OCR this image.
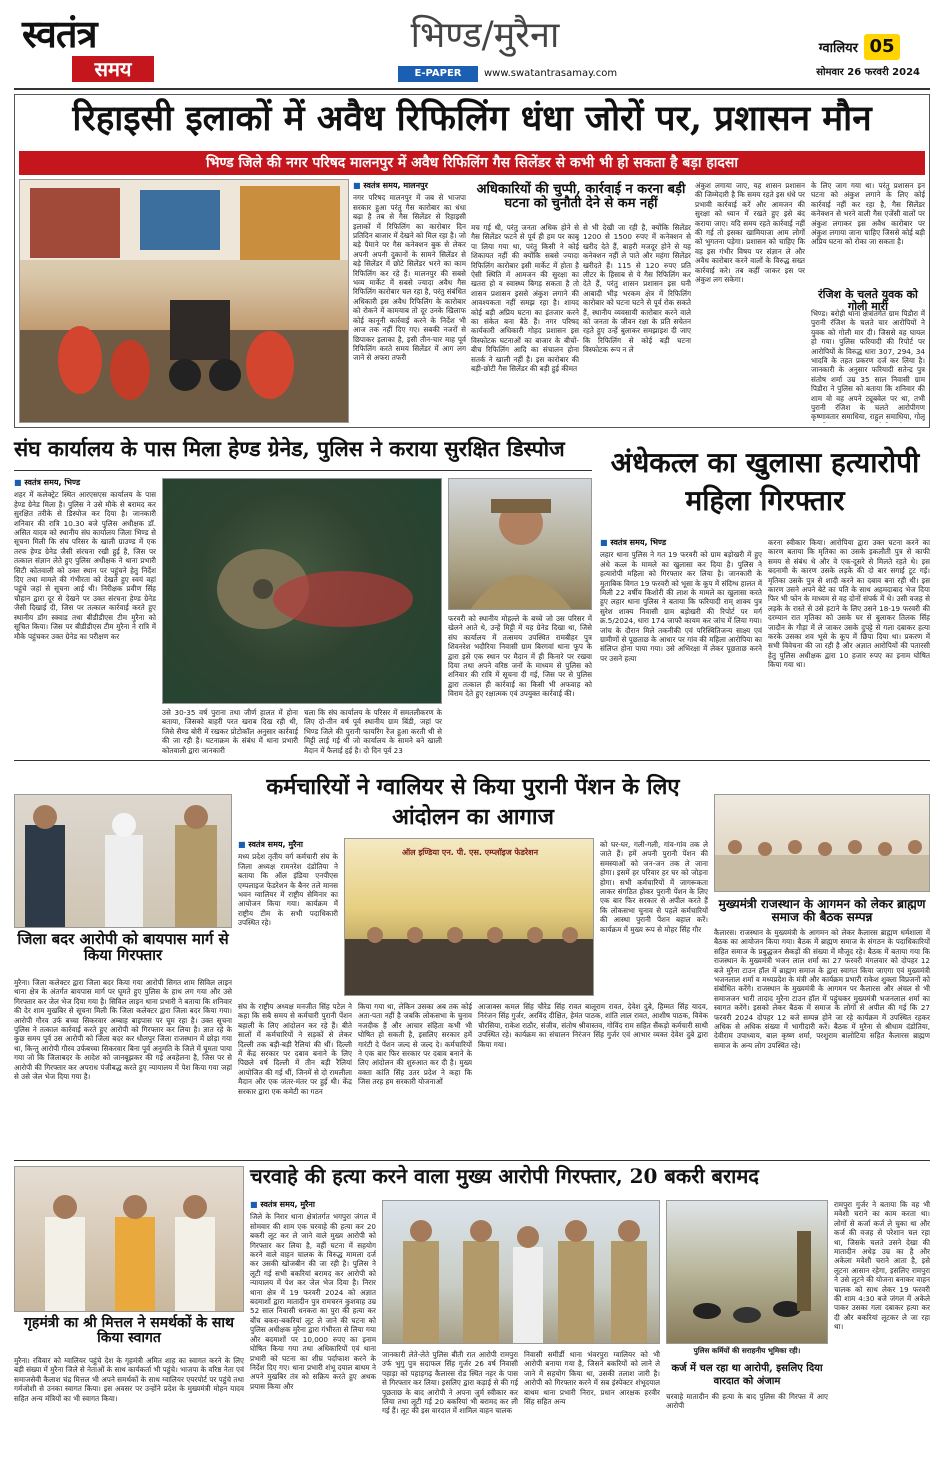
स्वतंत्र
समय
भिण्ड/मुरैना
E-PAPER	www.swatantrasamay.com
ग्वालियर 05
सोमवार 26 फरवरी 2024
रिहाइसी इलाकों में अवैध रिफिलिंग धंधा जोरों पर, प्रशासन मौन
भिण्ड जिले की नगर परिषद मालनपुर में अवैध रिफिलिंग गैस सिलेंडर से कभी भी हो सकता है बड़ा हादसा
■ स्वतंत्र समय, मालनपुर
नगर परिषद मालनपुर में जब से भाजपा सरकार हुआ परंतु गैस कारोबार का धंधा बढ़ा है तब से गैस सिलेंडर से रिहाइसी इलाकों में रिफिलिंग का कारोबार दिन प्रतिदिन बाजार में देखने को मिल रहा है। जो बड़े पैमाने पर गैस कनेक्शन बुक से लेकर अपनी अपनी दुकानों के सामने सिलेंडर से बड़े सिलेंडर में छोटे सिलेंडर भरने का काम रिफिलिंग कर रहे हैं। मालनपुर की सबसे भव्य मार्केट में सबसे ज्यादा अवैध गैस रिफिलिंग कारोबार चल रहा है, परंतु संबंधित अधिकारी इस अवैध रिफिलिंग के कारोबार को रोकने में कामयाब तो दूर उनके खिलाफ कोई कानूनी कार्रवाई करने के निर्देश भी आज तक नहीं दिए गए। सबकी नजरों से छिपाकर इलाका है, इसी तीन-चार माह पूर्व रिफिलिंग करते समय सिलेंडर में आग लग जाने से अफरा तफरी
अधिकारियों की चुप्पी, कार्रवाई न करना बड़ी घटना को चुनौती देने से कम नहीं
मच गई थी, परंतु जनता अधिक होने से गैस सिलेंडर फटने से पूर्व ही हम पर काबू पा लिया गया था, परंतु किसी ने कोई शिकायत नहीं की क्योंकि सबसे ज्यादा रिफिलिंग कारोबार इसी मार्केट में होता है ऐसी स्थिति में आमजन की सुरक्षा का खतरा हो व स्वास्थ्य बिगड़ सकता है तो शासन प्रशासन इससे अंकुश लगाने की आवश्यकता नहीं समझ रहा है। शायद कोई बड़ी अप्रिय घटना का इंतजार करने का संकेत बना बैठे हैं। नगर परिषद कार्यकारी अधिकारी गोहद प्रशासन इस विस्फोटक घटनाओं का बाजार के बीचों-बीच रिफिलिंग आदि का संचालन होना सतर्क ने खाली नहीं है। इस कारोबार की बड़ी-छोटी गैस सिलेंडर की बड़ी हुई कीमत
से भी देखी जा रही है, क्योंकि सिलेंडर 1200 से 1500 रुपए में कनेक्शन से खरीद देते हैं, बाहरी मजदूर होने से यह कनेक्शन नहीं ले पाते और महंगा सिलेंडर खरीदते हैं। 115 से 120 रुपए प्रति लीटर के हिसाब से ये गैस रिफिलिंग कर देते हैं, परंतु शासन प्रशासन इस घनी आबादी भीड़ भरकम क्षेत्र में रिफिलिंग कारोबार को घटना घटने से पूर्व रोक सकते हैं, स्थानीय व्यवसायी कारोबार करने वाले को जनता के जीवन रक्षा के प्रति सचेतन रहते हुए उन्हें बुलाकर समझाइश दी जाए कि रिफिलिंग से कोई बड़ी घटना विस्फोटक रूप न ले
अंकुश लगाया जाए, यह शासन प्रशासन की जिम्मेदारी है कि समय रहते इस धंधे पर प्रभावी कार्रवाई करें और आमजन की सुरक्षा को ध्यान में रखते हुए इसे बंद कराया जाए। यदि समय रहते कार्रवाई नहीं की गई तो इसका खामियाजा आम लोगों को भुगतना पड़ेगा। प्रशासन को चाहिए कि वह इस गंभीर विषय पर संज्ञान ले और अवैध कारोबार करने वालों के विरुद्ध सख्त कार्रवाई करे। तब कहीं जाकर इस पर अंकुश लग सकेगा।
के लिए जाग गया था। परंतु प्रशासन इन घटना को अंकुश लगाने के लिए कोई कार्रवाई नहीं कर रहा है, गैस सिलेंडर कनेक्शन से भरने वाली गैस एजेंसी वालों पर अंकुश लगाकर इस अवैध कारोबार पर अंकुश लगाया जाना चाहिए जिससे कोई बड़ी अप्रिय घटना को रोका जा सकता है।
रंजिश के चलते युवक को गोली मारी
भिण्ड। बरोही थाना क्षेत्रांतर्गत ग्राम पिडौरा में पुरानी रंजिश के चलते चार आरोपियों ने युवक को गोली मार दी। जिससे वह घायल हो गया। पुलिस फरियादी की रिपोर्ट पर आरोपियों के विरुद्ध धारा 307, 294, 34 भादवि के तहत प्रकरण दर्ज कर लिया है। जानकारी के अनुसार फरियादी सतेन्द्र पुत्र संतोष शर्मा उम्र 35 साल निवासी ग्राम पिडौरा ने पुलिस को बताया कि शनिवार की शाम वो वह अपने ट्यूबवेल पर था, तभी पुरानी रंजिश के चलते आरोपीगण कृष्णावतार समाधिया, राहुल समाधिया, गोलू
संघ कार्यालय के पास मिला हेण्ड ग्रेनेड, पुलिस ने कराया सुरक्षित डिस्पोज
■ स्वतंत्र समय, भिण्ड
शहर में कलेक्ट्रेट स्थित आरएसएस कार्यालय के पास हेण्ड ग्रेनेड मिला है। पुलिस ने उसे मौके से बरामद कर सुरक्षित तरीके से डिस्पोज कर दिया है। जानकारी शनिवार की रात्रि 10.30 बजे पुलिस अधीक्षक डॉ. असित यादव को स्थानीय संघ कार्यालय जिला भिण्ड से सूचना मिली कि संघ परिसर के खाली ग्राउण्ड में एक तरफ हेण्ड ग्रेनेड जैसी संरचना रखी हुई है, जिस पर तत्काल संज्ञान लेते हुए पुलिस अधीक्षक ने थाना प्रभारी सिटी कोतवाली को उक्त स्थान पर पहुंचने हेतु निर्देश दिए तथा मामले की गंभीरता को देखते हुए स्वयं वहां पहुंचे जहां से सूचना आई थी। निरीक्षक प्रवीण सिंह चौहान द्वारा दूर से देखने पर उक्त संरचना हेण्ड ग्रेनेड जैसी दिखाई दी, जिस पर तत्काल कार्रवाई करते हुए स्थानीय डॉग स्क्वाड तथा बीडीडीएस टीम मुरैना को सूचित किया। जिस पर बीडीडीएस टीम मुरैना ने रात्रि में मौके पहुंचकर उक्त ग्रेनेड का परीक्षण कर
उसे 30-35 वर्ष पुराना तथा जीर्ण हालत में होना बताया, जिसको बाहरी परत खराब दिख रही थी, जिसे सैण्ड बोरी में रखकर प्रोटोकॉल अनुसार कार्रवाई की जा रही है। घटनाक्रम के संबंध में थाना प्रभारी कोतवाली द्वारा जानकारी
चला कि संघ कार्यालय के परिसर में समतलीकरण के लिए दो-तीन वर्ष पूर्व स्थानीय ग्राम बिंडी, जहां पर भिण्ड जिले की पुरानी फायरिंग रेंज हुआ करती थी से मिट्टी लाई गई थी जो कार्यालय के सामने बने खाली मैदान में फैलाई हुई है। दो दिन पूर्व 23
फरवरी को स्थानीय मोहल्ले के बच्चे जो उस परिसर में खेलने आते थे, उन्हें मिट्टी में यह ग्रेनेड दिखा था, जिसे संघ कार्यालय में तत्समय उपस्थित रामबीहर पुत्र शिवनरेश भदौरिया निवासी ग्राम बिरगवां थाना फूप के द्वारा इसे एक स्थान पर मैदान में ही किनारे पर रखवा दिया तथा अपने वरिष्ठ जनों के माध्यम से पुलिस को शनिवार की रात्रि में सूचना दी गई, जिस पर से पुलिस द्वारा तत्काल ही कार्रवाई का किसी भी अफवाह को विराम देते हुए रक्षात्मक एवं उपयुक्त कार्रवाई की।
अंधेकत्ल का खुलासा हत्यारोपी महिला गिरफ्तार
■ स्वतंत्र समय, भिण्ड
लहार थाना पुलिस ने गत 19 फरवरी को ग्राम बड़ोखरी में हुए अंधे कत्ल के मामले का खुलासा कर दिया है। पुलिस ने हत्यारोपी महिला को गिरफ्तार कर लिया है। जानकारी के मुताबिक विगत 19 फरवरी को भूसा के कूप में संदिग्ध हालत में मिली 22 वर्षीय किशोरी की लाश के मामले का खुलासा करते हुए लहार थाना पुलिस ने बताया कि फरियादी राम् शाक्य पुत्र सुरेश शाक्य निवासी ग्राम बड़ोखरी की रिपोर्ट पर मर्ग क्र.5/2024, धारा 174 जाफौ कायम कर जांच में लिया गया। जांच के दौरान मिले तकनीकी एवं परिस्थितिजन्य साक्ष्य एवं ग्रामीणों से पूछताछ के आधार पर गांव की महिला आरोपिया का संलिप्त होना पाया गया। उसे अभिरक्षा में लेकर पूछताछ करने पर उसने हत्या
करना स्वीकार किया। आरोपिया द्वारा उक्त घटना करने का कारण बताया कि मृतिका का उसके इकलौती पुत्र से काफी समय से संबंध थे और वे एक-दूसरे से मिलते रहते थे। इस बदनामी के कारण उसके लड़के की दो बार सगाई टूट गई। मृतिका उसके पुत्र से शादी करने का दबाव बना रही थी। इस कारण उसने अपने बेटे का पति के साथ अहमदाबाद भेज दिया फिर भी फोन के माध्यम से वह दोनों संपर्क में थे। उसी वजह से लड़के के रास्ते से उसे हटाने के लिए उसने 18-19 फरवरी की दरम्यान रात मृतिका को उसके घर से बुलाकर तिलक सिंह जादौन के गौड़ा में ले जाकर उसके दुपट्टे से गला दबाकर हत्या करके उसका शव भूसे के कूप में छिपा दिया था। प्रकरण में सभी विवेचना की जा रही है और अज्ञात आरोपियों की पतारसी हेतु पुलिस अधीक्षक द्वारा 10 हजार रुपए का इनाम घोषित किया गया था।
जिला बदर आरोपी को बायपास मार्ग से किया गिरफ्तार
मुरैना। जिला कलेक्टर द्वारा जिला बदर किया गया आरोपी सिगत शाम सिविल लाइन थाना क्षेत्र के अंतर्गत बायपास मार्ग पर घूमते हुए पुलिस के हाथ लग गया और उसे गिरफ्तार कर जेल भेज दिया गया है। सिविल लाइन थाना प्रभारी ने बताया कि शनिवार की देर शाम मुखबिर से सूचना मिली कि जिला कलेक्टर द्वारा जिला बदर किया गया। आरोपी गौरव उर्फ बच्चा सिकरवार अम्बाह बाइपास पर घूम रहा है। उक्त सूचना पुलिस ने तत्काल कार्रवाई करते हुए आरोपी को गिरफ्तार कर लिया है। ज्ञात रहे के कुछ समय पूर्व उस आरोपी को जिला बदर कर धौलपुर जिला राजस्थान में छोड़ा गया था, किन्तु आरोपी गौरव उर्फबच्चा सिकरवार बिना पूर्व अनुमति के जिले में घूमता पाया गया जो कि जिलाबदर के आदेश को जानबूझकर की गई अवहेलना है, जिस पर से आरोपी की गिरफ्तार कर अपराध पंजीबद्ध करते हुए न्यायालय में पेश किया गया जहां से उसे जेल भेज दिया गया है।
कर्मचारियों ने ग्वालियर से किया पुरानी पेंशन के लिए आंदोलन का आगाज
■ स्वतंत्र समय, मुरैना
मध्य प्रदेश तृतीय वर्ग कर्मचारी संघ के जिला अध्यक्ष रामनरेश दंडोतिया ने बताया कि ऑल इंडिया एनपीएस एम्पलाइज फेडरेशन के बैनर तले मानस भवन ग्वालियर में राष्ट्रीय सेमिनार का आयोजन किया गया। कार्यक्रम में राष्ट्रीय टीम के सभी पदाधिकारी उपस्थित रहे।
ऑल इण्डिया एन. पी. एस. एम्प्लॉइज फेडरेशन
को घर-घर, गली-गली, गांव-गांव तक ले जाते हैं। हमें अपनी पुरानी पेंशन की समस्याओं को जन-जन तक ले जाना होगा। इसमें हर परिवार हर घर को जोड़ना होगा। सभी कर्मचारियों में जागरूकता लाकर संगठित होकर पुरानी पेंशन के लिए एक बार फिर सरकार से अपील करते हैं कि लोकसभा चुनाव से पहले कर्मचारियों की आस्था पुरानी पेंशन बहाल करें। कार्यक्रम में मुख्य रूप से मोहर सिंह गौर
संघ के राष्ट्रीय अध्यक्ष मनजीत सिंह पटेल ने कहा कि सबै समय से कर्मचारी पुरानी पेंशन बहाली के लिए आंदोलन कर रहे हैं। बीते सालों में कर्मचारियों ने सड़कों से लेकर दिल्ली तक बड़ी-बड़ी रैलियां की थीं। दिल्ली में केंद्र सरकार पर दबाव बनाने के लिए पिछले वर्ष दिल्ली में तीन बड़ी रैलियां आयोजित की गई थीं, जिनमें से दो रामलीला मैदान और एक जंतर-मंतर पर हुई थी। केंद्र सरकार द्वारा एक कमेटी का गठन
किया गया था, लेकिन उसका अब तक कोई अता-पता नहीं है जबकि लोकसभा के चुनाव नजदीक हैं और आचार संहिता कभी भी घोषित हो सकती है, इसलिए सरकार हमें गारंटी दे पेंशन जल्द से जल्द दे। कर्मचारियों ने एक बार फिर सरकार पर दबाव बनाने के लिए आंदोलन की शुरुआत कर दी है। मुख्य वक्ता कांति सिंह उतर प्रदेश ने कहा कि जिस तरह हम सरकारी योजनाओं
आजाक्स कमल सिंह चौरेड सिंह रावत बालूराम रावत, देवेश दुबे, हिम्मत सिंह यादव, निरंजन सिंह गुर्जर, अरविंद दीक्षित, हेमंत पाठक, शांति लाल रावत, आशीष पाठक, विवेक चौरसिया, राकेश राठौर, संजीव, संतोष श्रीवास्तव, गोविंद राम सहित सैंकड़ो कर्मचारी साथी उपस्थित रहे। कार्यक्रम का संचालन निरंजन सिंह गुर्जर एवं आभार व्यक्त देवेश दुबे द्वारा किया गया।
मुख्यमंत्री राजस्थान के आगमन को लेकर ब्राह्मण समाज की बैठक सम्पन्न
कैलारस। राजस्थान के मुख्यमंत्री के आगमन को लेकर कैलारस ब्राह्मण धर्मशाला में बैठक का आयोजन किया गया। बैठक में ब्राह्मण समाज के संगठन के पदाधिकारियों सहित समाज के प्रबुद्धजन सैकड़ों की संख्या में मौजूद रहे। बैठक में बताया गया कि राजस्थान के मुख्यमंत्री भजन लाल शर्मा का 27 फरवरी मंगलवार को दोपहर 12 बजे मुरैना टाउन हॉल में ब्राह्मण समाज के द्वारा स्वागत किया जाएगा एवं मुख्यमंत्री भजनलाल शर्मा व मध्यप्रदेश के मंत्री और कार्यक्रम प्रभारी राकेश शुक्ला विप्रजनों को संबोधित करेंगे। राजस्थान के मुख्यमंत्री के आगमन पर कैलारस और अंचल से भी समाजजन भारी तादाद मुरैना टाउन हॉल में पहुंचकर मुख्यमंत्री भजनलाल शर्मा का स्वागत करेंगे। इसको लेकर बैठक में समाज के लोगों से अपील की गई कि 27 फरवरी 2024 दोपहर 12 बजे सम्पन्न होने जा रहे कार्यक्रम में उपस्थित रहकर अधिक से अधिक संख्या में भागीदारी करें। बैठक में मुरैना से श्रीधाम दंडोतिया, देवीराम उपाध्याय, बाल कृष्ण शर्मा, परशुराम बालोटिया सहित कैलारस ब्राह्मण समाज के अन्य लोग उपस्थित रहे।
चरवाहे की हत्या करने वाला मुख्य आरोपी गिरफ्तार, 20 बकरी बरामद
■ स्वतंत्र समय, मुरैना
जिले के निरार थाना क्षेत्रांतर्गत भगपुरा जंगल में सोमवार की शाम एक चरवाहे की हत्या कर 20 बकरी लूट कर ले जाने वाले मुख्य आरोपी को गिरफ्तार कर लिया है, वहीं घटना में सहयोग करने वाले वाहन चालक के विरुद्ध मामला दर्ज कर उसकी खोजबीन की जा रही है। पुलिस ने लूटी गई सभी बकरियां बरामद कर आरोपी को न्यायालय में पेश कर जेल भेज दिया है। निरार थाना क्षेत्र में 19 फरवरी 2024 को अज्ञात बदमाशों द्वारा मातादीन पुत्र रामचरन कुशवाह उम्र 52 साल निवासी धनकरा का पुरा की हत्या कर बौंच बकरा-बकरियां लूट ले जाने की घटना को पुलिस अधीक्षक मुरैना द्वारा गंभीरता से लिया गया और बदमाशों पर 10,000 रुपए का इनाम घोषित किया गया तथा अधिकारियों एवं थाना प्रभारी को घटना का शीघ्र पर्दाफाश करने के निर्देश दिए गए। थाना प्रभारी शंभू दयाल बाथम ने अपने मुखबिर तंत्र को सक्रिय करते हुए अथक प्रयास किया और
पुलिस कर्मियों की सराहनीय भूमिका रही।
जानकारी लेते-लेते पुलिस बीती रात आरोपी रामपुरा उर्फ भुगु पुत्र सदाफल सिंह गुर्जर 26 वर्ष निवासी पहाड़ा को पहाड़गढ़ कैलारस रोड स्थित नहर के पास से गिरफ्तार कर लिया। इसलिए द्वारा कड़ाई से की गई पूछताछ के बाद आरोपी ने अपना जुर्म स्वीकार कर लिया तथा लूटी गई 20 बकरियां भी बरामद कर ली गई हैं। लूट की इस वारदात में शामिल वाहन चालक
निवासी समीर्डी थाना भंवरपुरा ग्वालियर को भी आरोपी बनाया गया है, जिसने बकरियों को लाने ले जाने में सहयोग किया था, उसकी तलाश जारी है। आरोपी को गिरफ्तार करने में सब इंस्पेक्टर शंभूदयाल बाथम थाना प्रभारी निरार, प्रधान आरक्षक हरवीर सिंह सहित अन्य
कर्ज में चल रहा था आरोपी, इसलिए दिया वारदात को अंजाम
चरवाहे मातादीन की हत्या के बाद पुलिस की गिरफ्त में आए आरोपी
रामपुरा गुर्जर ने बताया कि वह भी मवेशी चराने का काम करता था। लोगों से कर्जा कर्ज ले चुका था और कर्ज की वजह से परेशान चल रहा था, जिसके चलते उसने देखा की मातादीन अधेड़ उम्र का है और अकेला मवेशी चराने आता है, इसे लूटना आसान रहेगा, इसलिए रामपुरा ने उसे लूटने की योजना बनाकर वाहन चालक को साथ लेकर 19 फरवरी की शाम 4:30 बजे जंगल में अकेले पाकर उसका गला दबाकर हत्या कर दी और बकरियां लूटकर ले जा रहा था।
गृहमंत्री का श्री मित्तल ने समर्थकों के साथ किया स्वागत
मुरैना। रविवार को ग्वालियर पहुंचे देश के गृहमंत्री अमित शाह का स्वागत करने के लिए बड़ी संख्या में मुरैना जिले से नेताओं के साथ कार्यकर्ता भी पहुंचे। भाजपा के वरिष्ठ नेता एवं समाजसेवी कैलाश चंद्र मित्तल भी अपने समर्थकों के साथ ग्वालियर एयरपोर्ट पर पहुंचे तथा गर्मजोशी से उनका स्वागत किया। इस अवसर पर उन्होंने प्रदेश के मुख्यमंत्री मोहन यादव सहित अन्य मंत्रियों का भी स्वागत किया।
